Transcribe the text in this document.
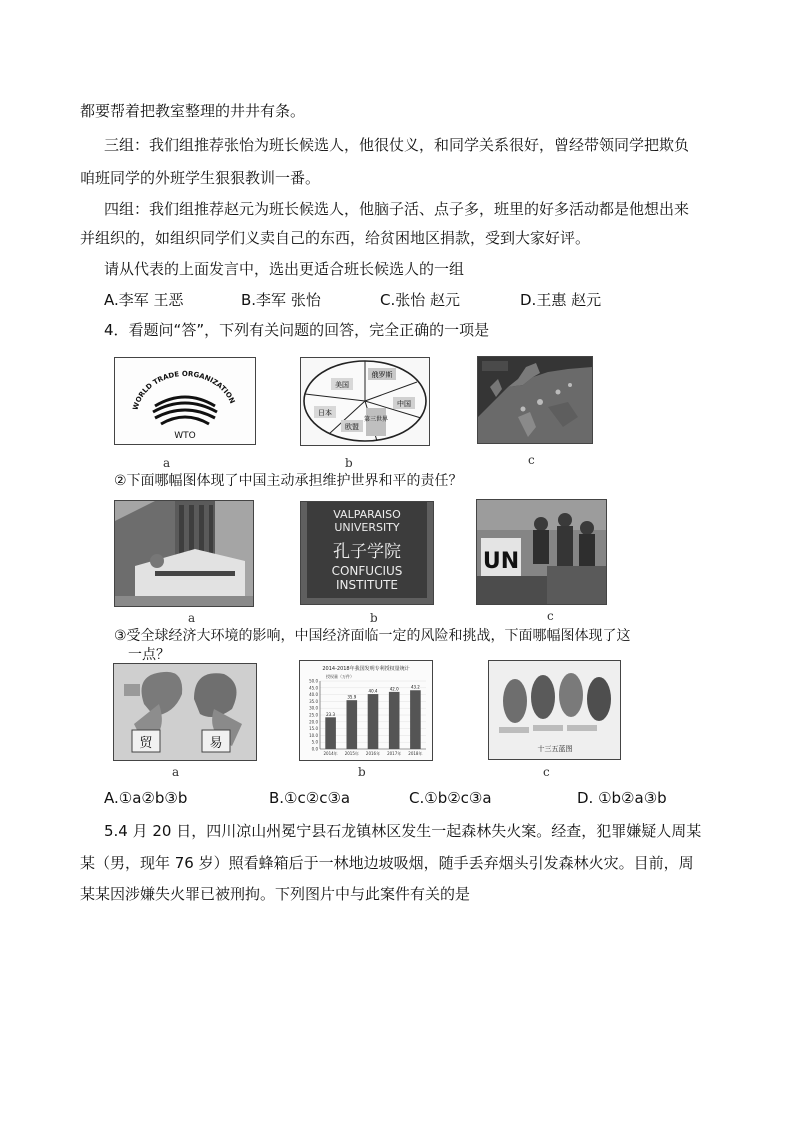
都要帮着把教室整理的井井有条。
三组：我们组推荐张怡为班长候选人，他很仗义，和同学关系很好，曾经带领同学把欺负
咱班同学的外班学生狠狠教训一番。
四组：我们组推荐赵元为班长候选人，他脑子活、点子多，班里的好多活动都是他想出来
并组织的，如组织同学们义卖自己的东西，给贫困地区捐款，受到大家好评。
请从代表的上面发言中，选出更适合班长候选人的一组
A.李军 王恶	B.李军 张怡	C.张怡 赵元	D.王惠 赵元
4．看题问“答”，下列有关问题的回答，完全正确的一项是
WORLD TRADE ORGANIZATION
WTO
美国
俄罗斯
中国
日本
欧盟
第三世界
a	b	c
②下面哪幅图体现了中国主动承担维护世界和平的责任？
VALPARAISO
UNIVERSITY
孔子学院
CONFUCIUS
INSTITUTE
UN
a	b	c
③受全球经济大环境的影响，中国经济面临一定的风险和挑战，下面哪幅图体现了这
一点？
贸	易
2014-2018年我国发明专利授权量统计
授权量（万件）
50.0
45.0
40.0
35.0
30.0
25.0
20.0
15.0
10.0
5.0
0.0
23.3
2014年
35.9
2015年
40.4
2016年
42.0
2017年
43.2
2018年
十三五蓝图
a	b	c
A.①a②b③b	B.①c②c③a	C.①b②c③a	D. ①b②a③b
5.4 月 20 日，四川凉山州冕宁县石龙镇林区发生一起森林失火案。经查，犯罪嫌疑人周某
某（男，现年 76 岁）照看蜂箱后于一林地边坡吸烟，随手丢弃烟头引发森林火灾。目前，周
某某因涉嫌失火罪已被刑拘。下列图片中与此案件有关的是
